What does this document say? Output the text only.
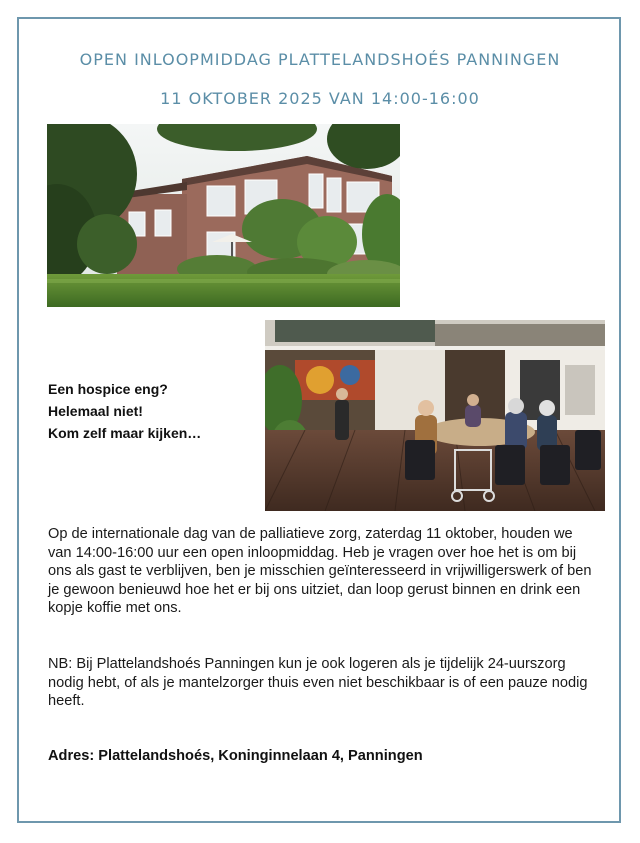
OPEN INLOOPMIDDAG PLATTELANDSHOÉS PANNINGEN
11 OKTOBER 2025 VAN 14:00-16:00
Een hospice eng?
Helemaal niet!
Kom zelf maar kijken…

Op de internationale dag van de palliatieve zorg, zaterdag 11 oktober, houden we van 14:00-16:00 uur een open inloopmiddag. Heb je vragen over hoe het is om bij ons als gast te verblijven, ben je misschien geïnteresseerd in vrijwilligerswerk of ben je gewoon benieuwd hoe het er bij ons uitziet, dan loop gerust binnen en drink een kopje koffie met ons.

NB: Bij Plattelandshoés Panningen kun je ook logeren als je tijdelijk 24-uurszorg nodig hebt, of als je mantelzorger thuis even niet beschikbaar is of een pauze nodig heeft.

Adres: Plattelandshoés, Koninginnelaan 4, Panningen
